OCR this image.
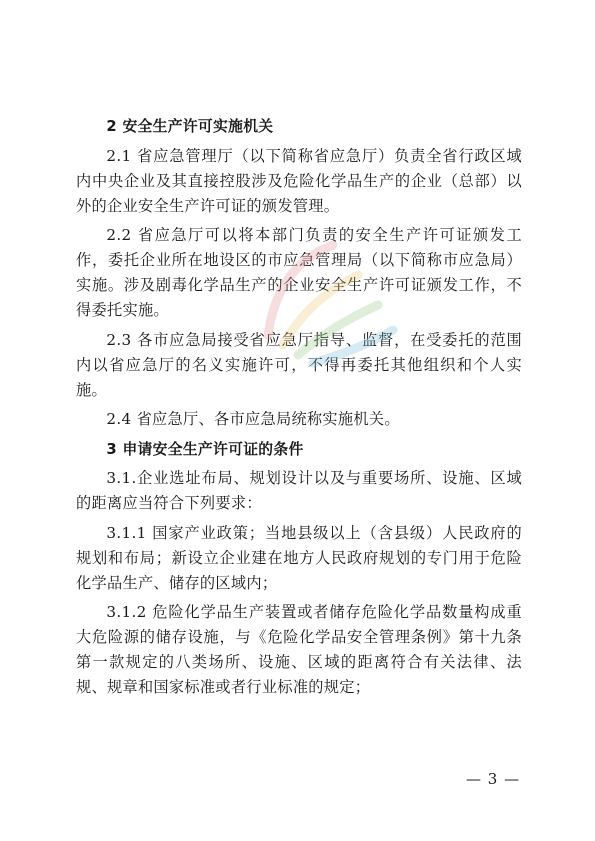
2 安全生产许可实施机关

2.1 省应急管理厅（以下简称省应急厅）负责全省行政区域内中央企业及其直接控股涉及危险化学品生产的企业（总部）以外的企业安全生产许可证的颁发管理。

2.2 省应急厅可以将本部门负责的安全生产许可证颁发工作，委托企业所在地设区的市应急管理局（以下简称市应急局）实施。涉及剧毒化学品生产的企业安全生产许可证颁发工作，不得委托实施。

2.3 各市应急局接受省应急厅指导、监督，在受委托的范围内以省应急厅的名义实施许可，不得再委托其他组织和个人实施。

2.4 省应急厅、各市应急局统称实施机关。

3 申请安全生产许可证的条件

3.1.企业选址布局、规划设计以及与重要场所、设施、区域的距离应当符合下列要求：

3.1.1 国家产业政策；当地县级以上（含县级）人民政府的规划和布局；新设立企业建在地方人民政府规划的专门用于危险化学品生产、储存的区域内；

3.1.2 危险化学品生产装置或者储存危险化学品数量构成重大危险源的储存设施，与《危险化学品安全管理条例》第十九条第一款规定的八类场所、设施、区域的距离符合有关法律、法规、规章和国家标准或者行业标准的规定；

— 3 —
